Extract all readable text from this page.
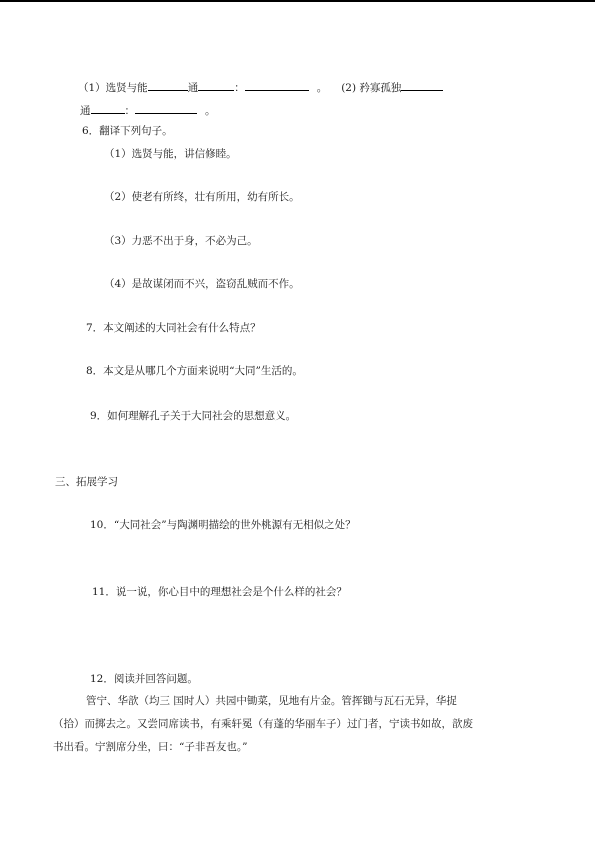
（1）选贤与能	通	：	。 (2) 矜寡孤独
通	：	。
6．翻译下列句子。
（1）选贤与能，讲信修睦。
（2）使老有所终，壮有所用，幼有所长。
（3）力恶不出于身，不必为己。
（4）是故谋闭而不兴，盗窃乱贼而不作。
7．本文阐述的大同社会有什么特点？
8．本文是从哪几个方面来说明“大同”生活的。
9．如何理解孔子关于大同社会的思想意义。
三、拓展学习
10．“大同社会”与陶渊明描绘的世外桃源有无相似之处？
11．说一说，你心目中的理想社会是个什么样的社会？
12．阅读并回答问题。
管宁、华歆（均三 国时人）共园中锄菜，见地有片金。管挥锄与瓦石无异，华捉
（拾）而掷去之。又尝同席读书，有乘轩冕（有蓬的华丽车子）过门者，宁读书如故，歆废
书出看。宁割席分坐，曰：“子非吾友也。”
